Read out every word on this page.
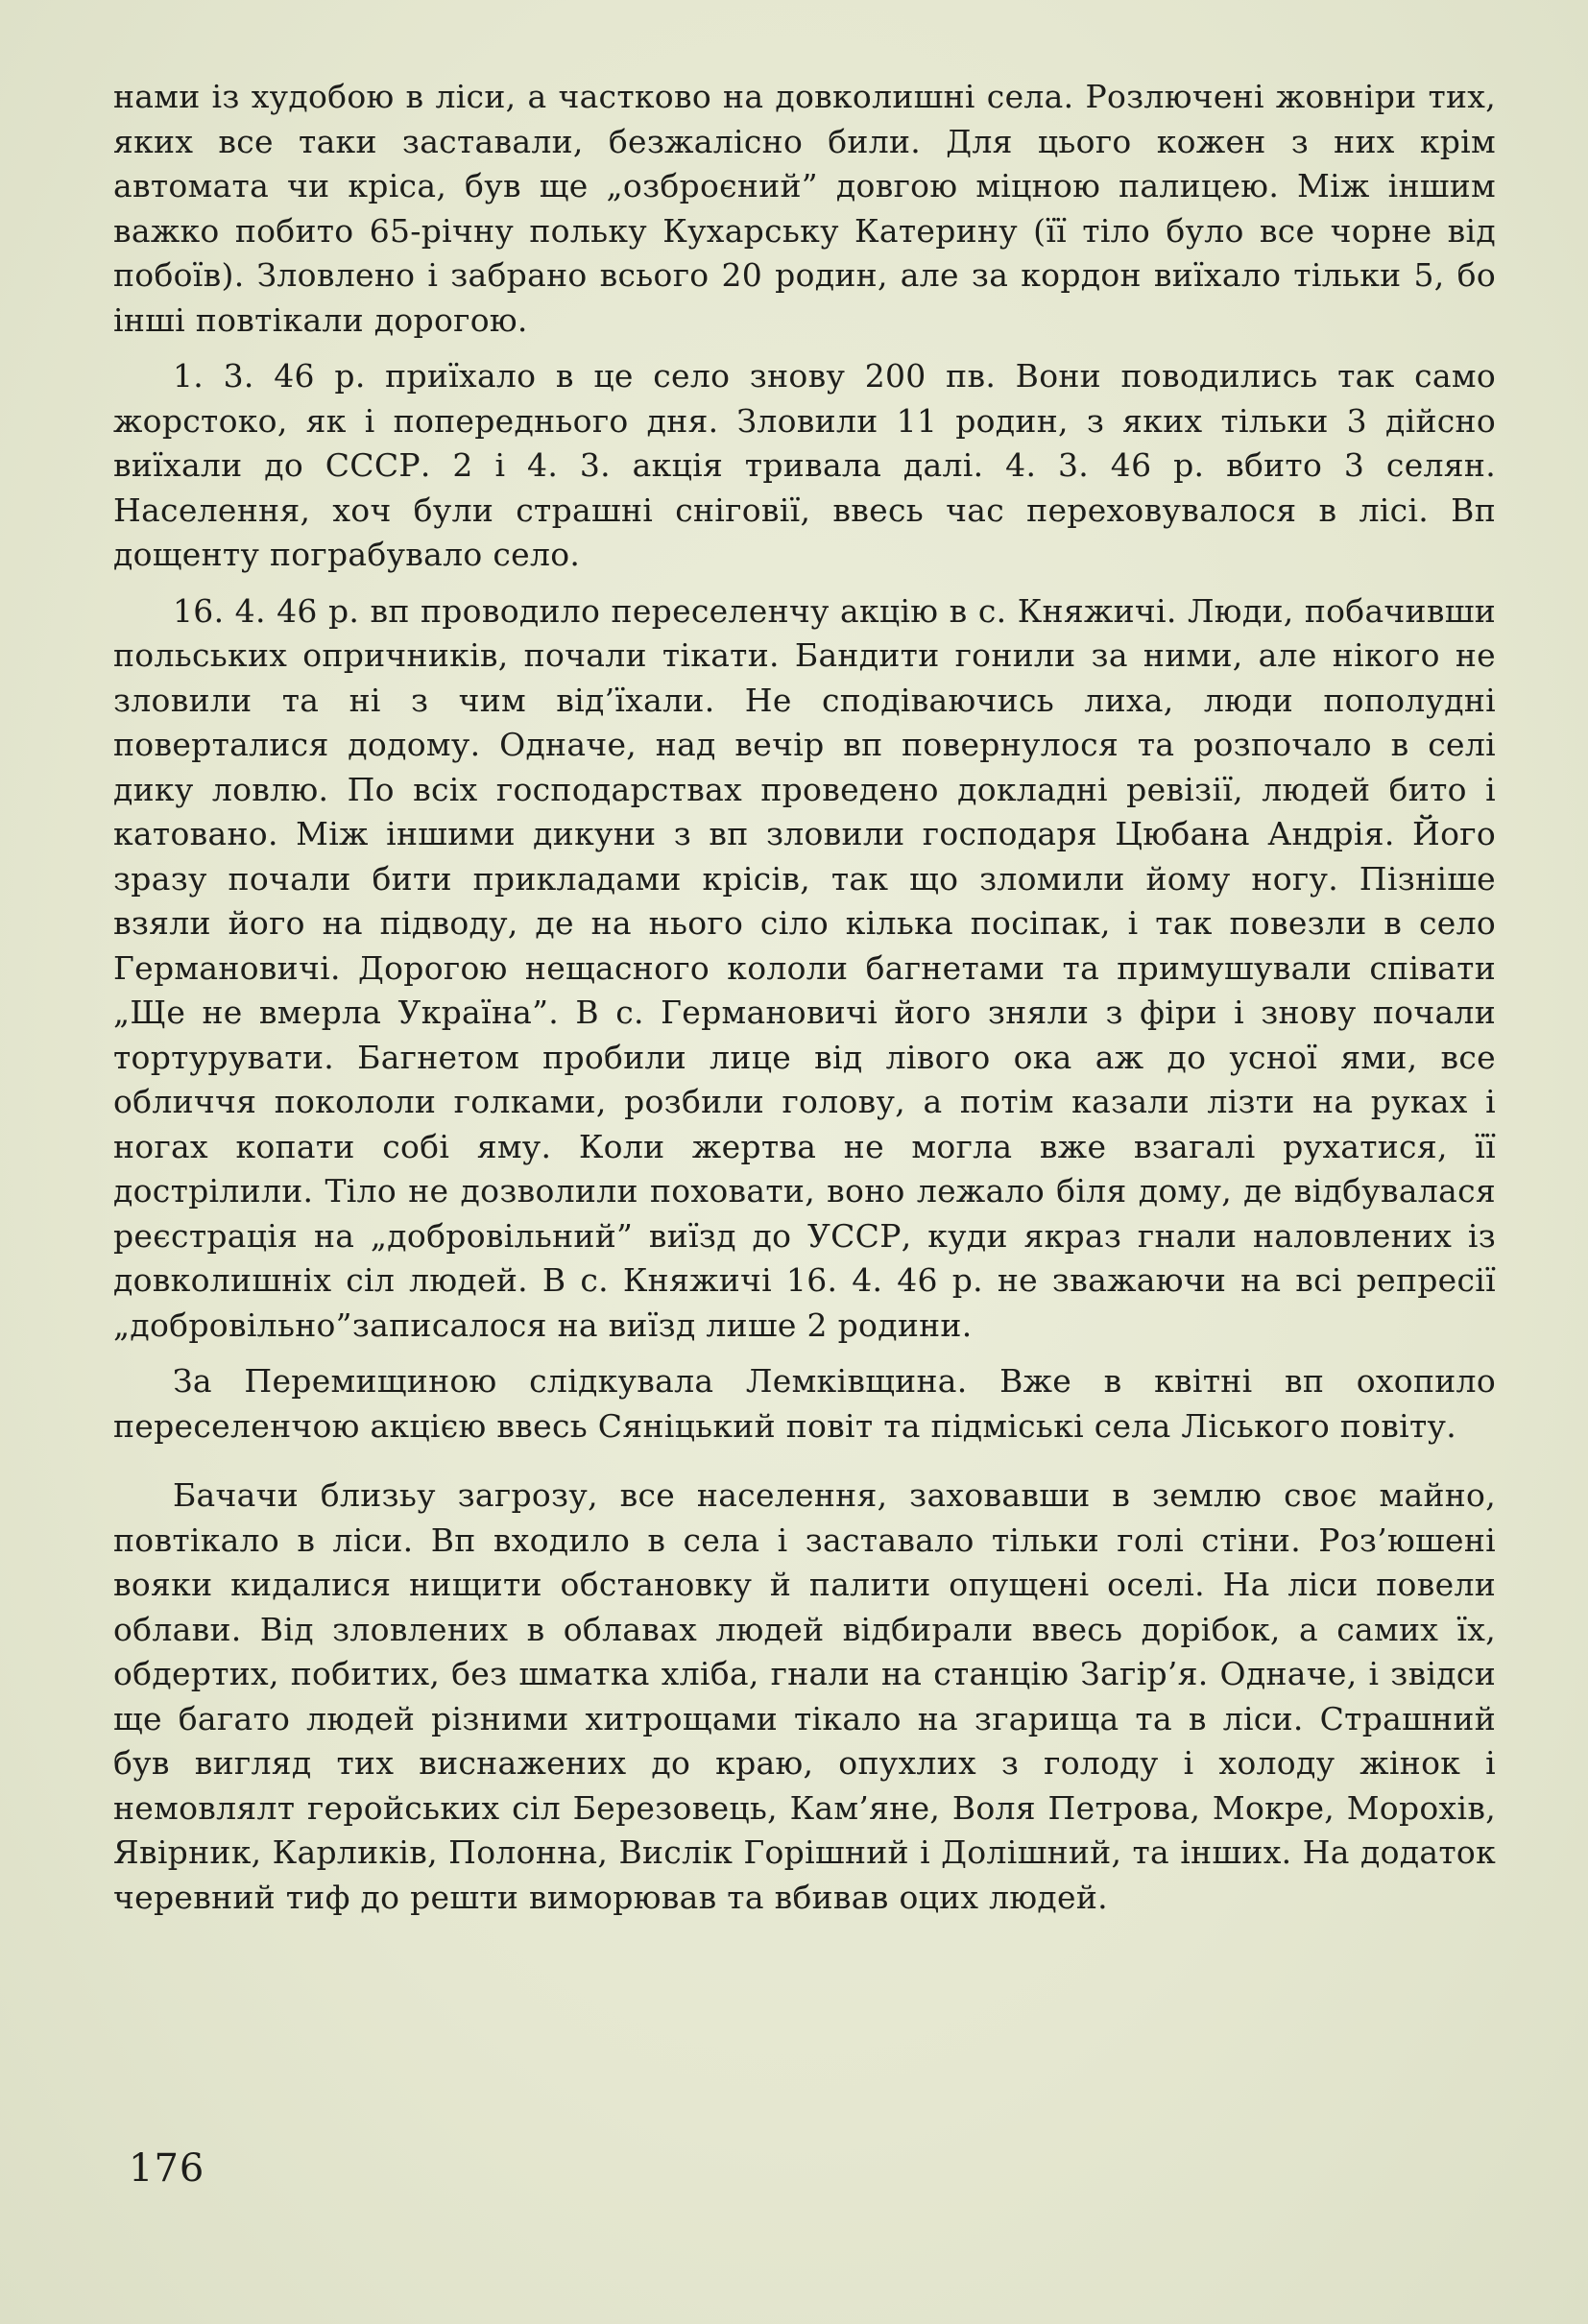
нами із худобою в ліси, а частково на довколишні села. Розлючені жовніри тих, яких все таки заставали, безжалісно били. Для цього кожен з них крім автомата чи кріса, був ще „озброєний” довгою міцною палицею. Між іншим важко побито 65-річну польку Кухарську Катерину (її тіло було все чорне від побоїв). Зловлено і забрано всього 20 родин, але за кордон виїхало тільки 5, бо інші повтікали дорогою.

1. 3. 46 р. приїхало в це село знову 200 пв. Вони поводились так само жорстоко, як і попереднього дня. Зловили 11 родин, з яких тільки 3 дійсно виїхали до СССР. 2 і 4. 3. акція тривала далі. 4. 3. 46 р. вбито 3 селян. Населення, хоч були страшні сніговії, ввесь час переховувалося в лісі. Вп дощенту пограбувало село.

16. 4. 46 р. вп проводило переселенчу акцію в с. Княжичі. Люди, побачивши польських опричників, почали тікати. Бандити гонили за ними, але нікого не зловили та ні з чим від’їхали. Не сподіваючись лиха, люди пополудні поверталися додому. Одначе, над вечір вп повернулося та розпочало в селі дику ловлю. По всіх господарствах проведено докладні ревізії, людей бито і катовано. Між іншими дикуни з вп зловили господаря Цюбана Андрія. Його зразу почали бити прикладами крісів, так що зломили йому ногу. Пізніше взяли його на підводу, де на нього сіло кілька посіпак, і так повезли в село Германовичі. Дорогою нещасного кололи багнетами та примушували співати „Ще не вмерла Україна”. В с. Германовичі його зняли з фіри і знову почали тортурувати. Багнетом пробили лице від лівого ока аж до усної ями, все обличчя покололи голками, розбили голову, а потім казали лізти на руках і ногах копати собі яму. Коли жертва не могла вже взагалі рухатися, її дострілили. Тіло не дозволили поховати, воно лежало біля дому, де відбувалася реєстрація на „добровільний” виїзд до УССР, куди якраз гнали наловлених із довколишніх сіл людей. В с. Княжичі 16. 4. 46 р. не зважаючи на всі репресії „добровільно”записалося на виїзд лише 2 родини.

За Перемищиною слідкувала Лемківщина. Вже в квітні вп охопило переселенчою акцією ввесь Сяніцький повіт та підміські села Ліського повіту.

Бачачи близьу загрозу, все населення, заховавши в землю своє майно, повтікало в ліси. Вп входило в села і заставало тільки голі стіни. Роз’юшені вояки кидалися нищити обстановку й палити опущені оселі. На ліси повели облави. Від зловлених в облавах людей відбирали ввесь дорібок, а самих їх, обдертих, побитих, без шматка хліба, гнали на станцію Загір’я. Одначе, і звідси ще багато людей різними хитрощами тікало на згарища та в ліси. Страшний був вигляд тих виснажених до краю, опухлих з голоду і холоду жінок і немовлялт геройських сіл Березовець, Кам’яне, Воля Петрова, Мокре, Морохів, Явірник, Карликів, Полонна, Вислік Горішний і Долішний, та інших. На додаток черевний тиф до решти виморював та вбивав оцих людей.

176
